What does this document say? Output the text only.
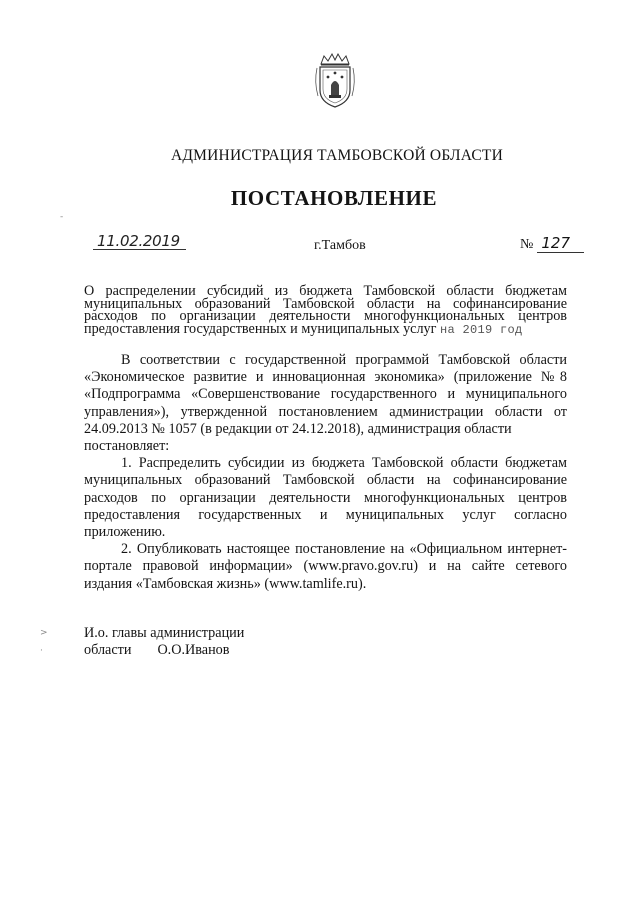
АДМИНИСТРАЦИЯ ТАМБОВСКОЙ ОБЛАСТИ
ПОСТАНОВЛЕНИЕ
11.02.2019	г.Тамбов	№ 127
О распределении субсидий из бюджета Тамбовской области бюджетам муниципальных образований Тамбовской области на софинансирование расходов по организации деятельности многофункциональных центров предоставления государственных и муниципальных услуг на 2019 год

В соответствии с государственной программой Тамбовской области «Экономическое развитие и инновационная экономика» (приложение №8 «Подпрограмма «Совершенствование государственного и муниципального управления»), утвержденной постановлением администрации области от 24.09.2013 № 1057 (в редакции от 24.12.2018), администрация области

постановляет:

1. Распределить субсидии из бюджета Тамбовской области бюджетам муниципальных образований Тамбовской области на софинансирование расходов по организации деятельности многофункциональных центров предоставления государственных и муниципальных услуг согласно приложению.

2. Опубликовать настоящее постановление на «Официальном интернет-портале правовой информации» (www.pravo.gov.ru) и на сайте сетевого издания «Тамбовская жизнь» (www.tamlife.ru).

И.о. главы администрации
области О.О.Иванов
-
>
·
